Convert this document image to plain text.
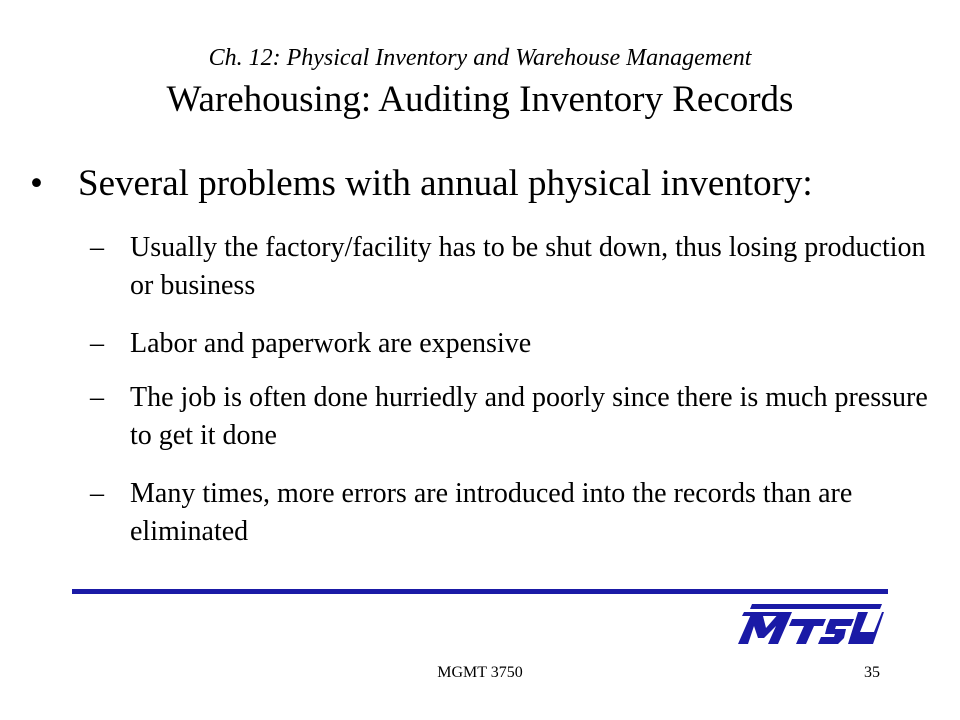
Ch. 12: Physical Inventory and Warehouse Management
Warehousing: Auditing Inventory Records
• Several problems with annual physical inventory:
– Usually the factory/facility has to be shut down, thus losing production or business
– Labor and paperwork are expensive
– The job is often done hurriedly and poorly since there is much pressure to get it done
– Many times, more errors are introduced into the records than are eliminated
MGMT 3750	35
